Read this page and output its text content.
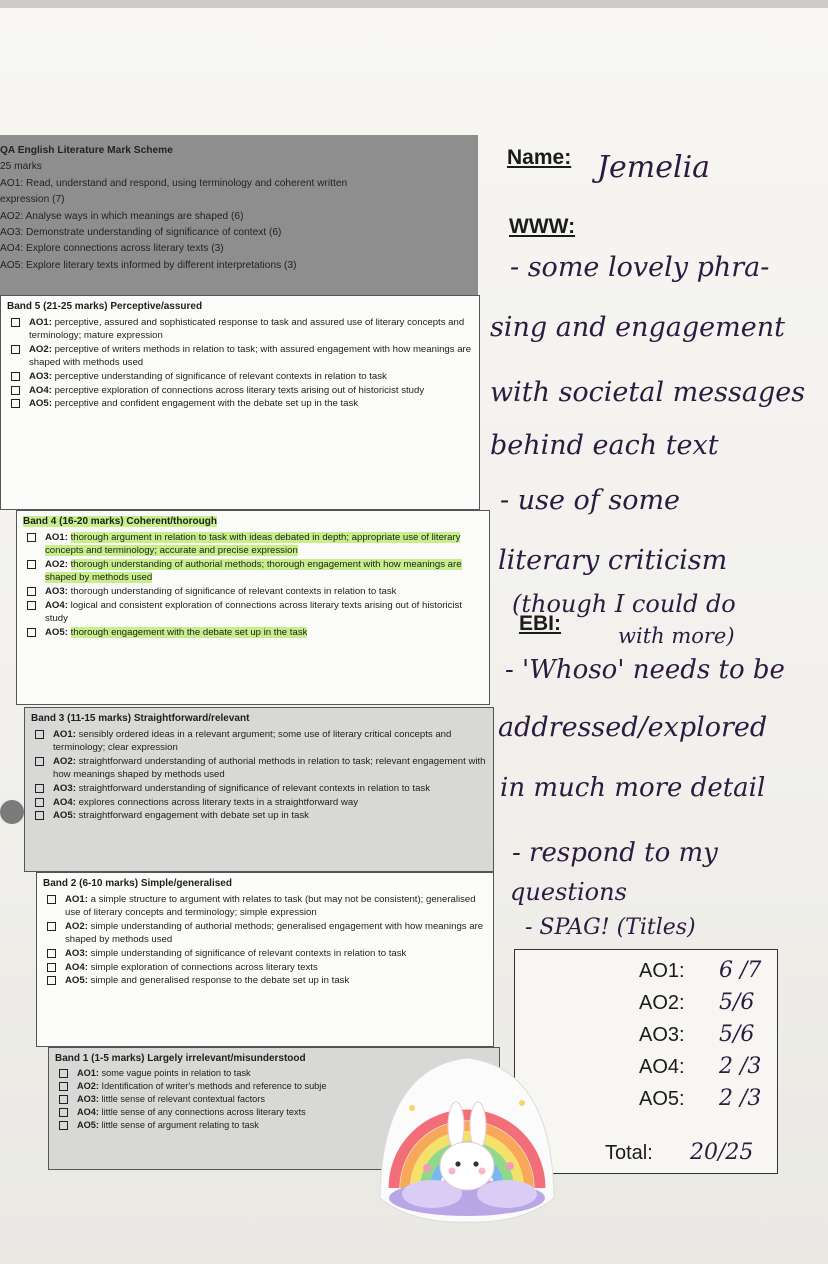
QA English Literature Mark Scheme
25 marks
AO1: Read, understand and respond, using terminology and coherent written
expression (7)
AO2: Analyse ways in which meanings are shaped (6)
AO3: Demonstrate understanding of significance of context (6)
AO4: Explore connections across literary texts (3)
AO5: Explore literary texts informed by different interpretations (3)
Band 5 (21-25 marks) Perceptive/assured
AO1: perceptive, assured and sophisticated response to task and assured use of literary concepts and terminology; mature expression
AO2: perceptive of writers methods in relation to task; with assured engagement with how meanings are shaped with methods used
AO3: perceptive understanding of significance of relevant contexts in relation to task
AO4: perceptive exploration of connections across literary texts arising out of historicist study
AO5: perceptive and confident engagement with the debate set up in the task
Band 4 (16-20 marks) Coherent/thorough
AO1: thorough argument in relation to task with ideas debated in depth; appropriate use of literary concepts and terminology; accurate and precise expression
AO2: thorough understanding of authorial methods; thorough engagement with how meanings are shaped by methods used
AO3: thorough understanding of significance of relevant contexts in relation to task
AO4: logical and consistent exploration of connections across literary texts arising out of historicist study
AO5: thorough engagement with the debate set up in the task
Band 3 (11-15 marks) Straightforward/relevant
AO1: sensibly ordered ideas in a relevant argument; some use of literary critical concepts and terminology; clear expression
AO2: straightforward understanding of authorial methods in relation to task; relevant engagement with how meanings shaped by methods used
AO3: straightforward understanding of significance of relevant contexts in relation to task
AO4: explores connections across literary texts in a straightforward way
AO5: straightforward engagement with debate set up in task
Band 2 (6-10 marks) Simple/generalised
AO1: a simple structure to argument with relates to task (but may not be consistent); generalised use of literary concepts and terminology; simple expression
AO2: simple understanding of authorial methods; generalised engagement with how meanings are shaped by methods used
AO3: simple understanding of significance of relevant contexts in relation to task
AO4: simple exploration of connections across literary texts
AO5: simple and generalised response to the debate set up in task
Band 1 (1-5 marks) Largely irrelevant/misunderstood
AO1: some vague points in relation to task
AO2: Identification of writer's methods and reference to subje
AO3: little sense of relevant contextual factors
AO4: little sense of any connections across literary texts
AO5: little sense of argument relating to task
Name: Jemelia
WWW:
- some lovely phra-
sing and engagement
with societal messages
behind each text
- use of some
literary criticism
(though I could do
with more)
EBI:
- 'Whoso' needs to be
addressed/explored
in much more detail
- respond to my
questions
- SPAG! (Titles)
AO1: 6 /7
AO2: 5/6
AO3: 5/6
AO4: 2 /3
AO5: 2 /3
Total: 20/25
